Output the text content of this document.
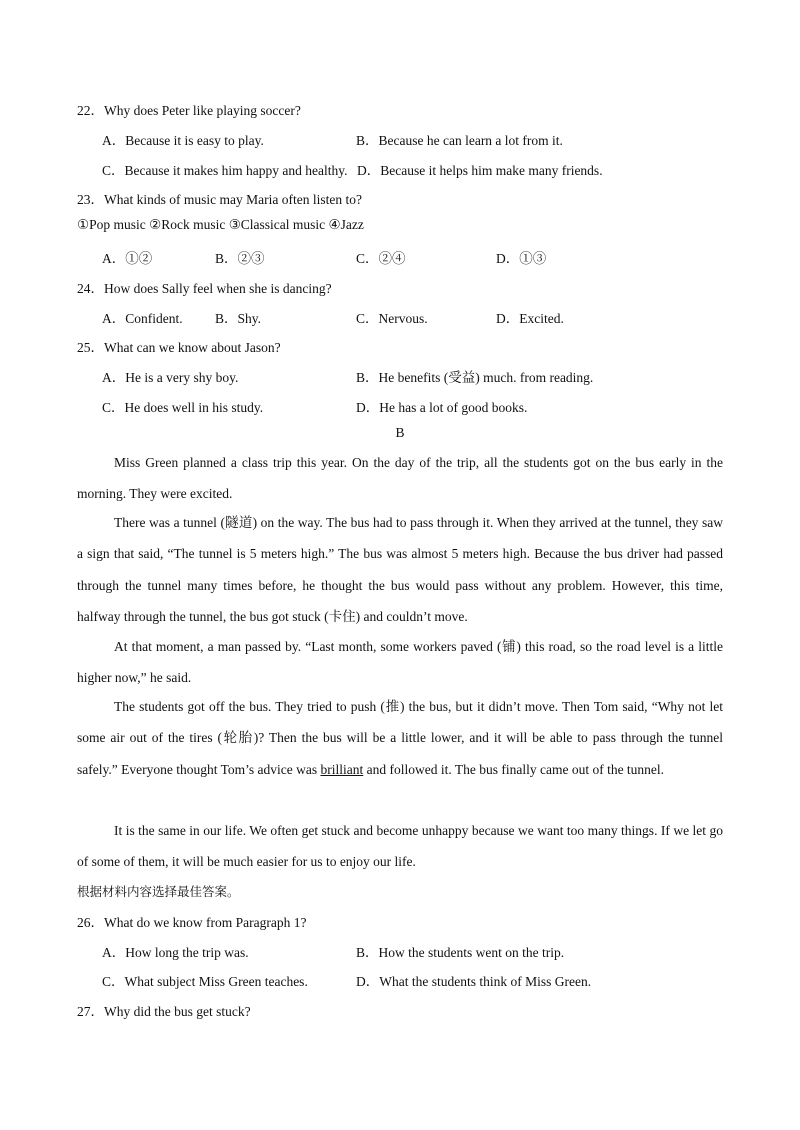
22．Why does Peter like playing soccer?
A．Because it is easy to play.	B．Because he can learn a lot from it.
C．Because it makes him happy and healthy. D．Because it helps him make many friends.
23．What kinds of music may Maria often listen to?
①Pop music ②Rock music ③Classical music ④Jazz
A．①②	B．②③	C．②④	D．①③
24．How does Sally feel when she is dancing?
A．Confident. B．Shy.	C．Nervous.	D．Excited.
25．What can we know about Jason?
A．He is a very shy boy.	B．He benefits (受益) much. from reading.
C．He does well in his study.	D．He has a lot of good books.
B
Miss Green planned a class trip this year. On the day of the trip, all the students got on the bus early in the morning. They were excited.
There was a tunnel (隧道) on the way. The bus had to pass through it. When they arrived at the tunnel, they saw a sign that said, “The tunnel is 5 meters high.” The bus was almost 5 meters high. Because the bus driver had passed through the tunnel many times before, he thought the bus would pass without any problem. However, this time, halfway through the tunnel, the bus got stuck (卡住) and couldn’t move.
At that moment, a man passed by. “Last month, some workers paved (铺) this road, so the road level is a little higher now,” he said.
The students got off the bus. They tried to push (推) the bus, but it didn’t move. Then Tom said, “Why not let some air out of the tires (轮胎)? Then the bus will be a little lower, and it will be able to pass through the tunnel safely.” Everyone thought Tom’s advice was brilliant and followed it. The bus finally came out of the tunnel.
It is the same in our life. We often get stuck and become unhappy because we want too many things. If we let go of some of them, it will be much easier for us to enjoy our life.
根据材料内容选择最佳答案。
26．What do we know from Paragraph 1?
A．How long the trip was.	B．How the students went on the trip.
C．What subject Miss Green teaches.	D．What the students think of Miss Green.
27．Why did the bus get stuck?
